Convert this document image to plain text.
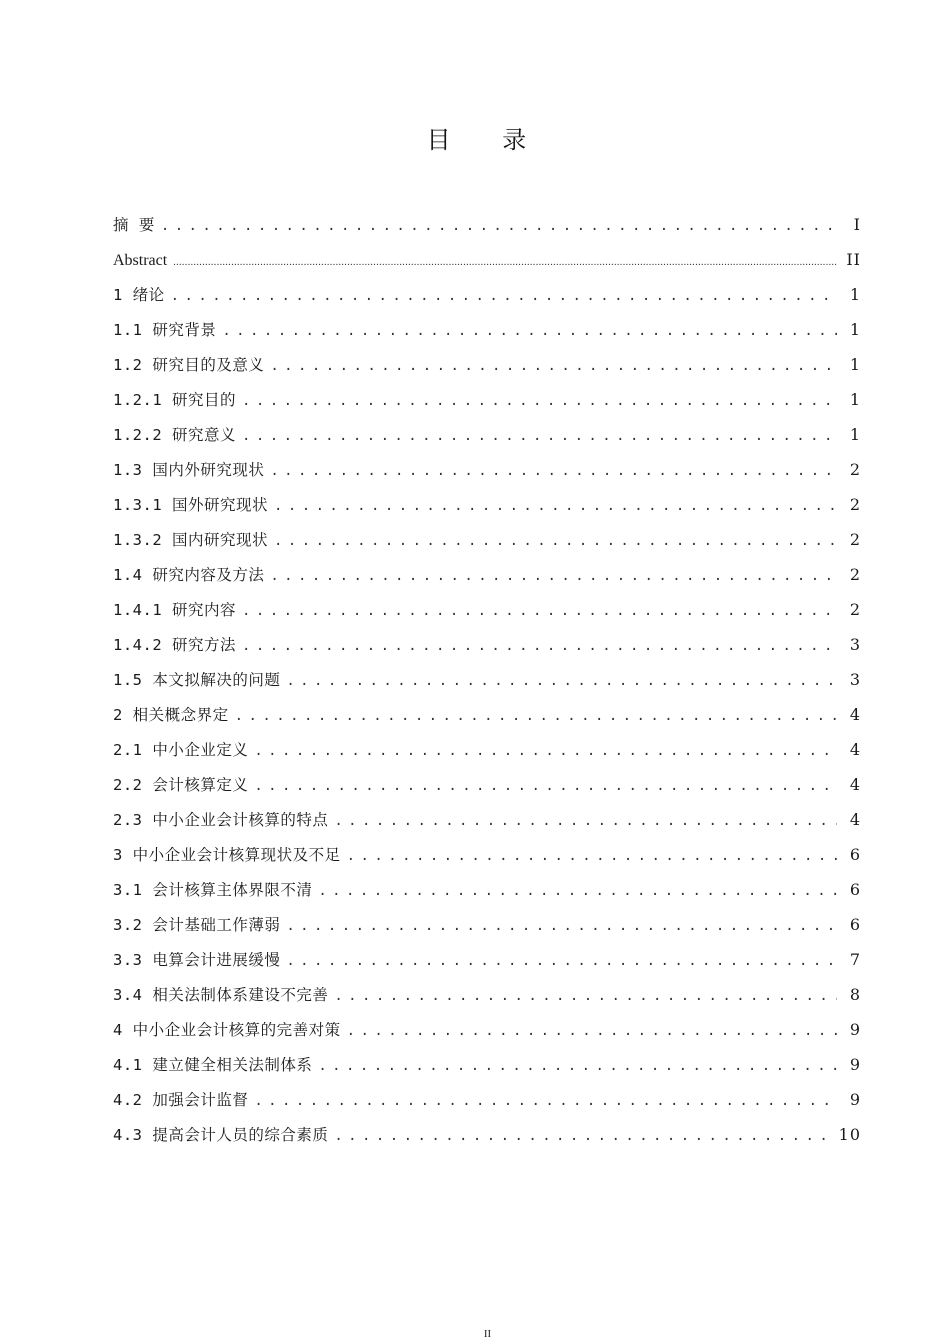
目 录
摘 要 . . .	I
Abstract .....	II
1 绪论 . . .	1
1.1 研究背景 . . .	1
1.2 研究目的及意义 . . .	1
1.2.1 研究目的 . . .	1
1.2.2 研究意义 . . .	1
1.3 国内外研究现状 . . .	2
1.3.1 国外研究现状 . . .	2
1.3.2 国内研究现状 . . .	2
1.4 研究内容及方法 . . .	2
1.4.1 研究内容 . . .	2
1.4.2 研究方法 . . .	3
1.5 本文拟解决的问题 . . .	3
2 相关概念界定 . . .	4
2.1 中小企业定义 . . .	4
2.2 会计核算定义 . . .	4
2.3 中小企业会计核算的特点 . . .	4
3 中小企业会计核算现状及不足 . . .	6
3.1 会计核算主体界限不清 . . .	6
3.2 会计基础工作薄弱 . . .	6
3.3 电算会计进展缓慢 . . .	7
3.4 相关法制体系建设不完善 . . .	8
4 中小企业会计核算的完善对策 . . .	9
4.1 建立健全相关法制体系 . . .	9
4.2 加强会计监督 . . .	9
4.3 提高会计人员的综合素质 . . .	10
II
